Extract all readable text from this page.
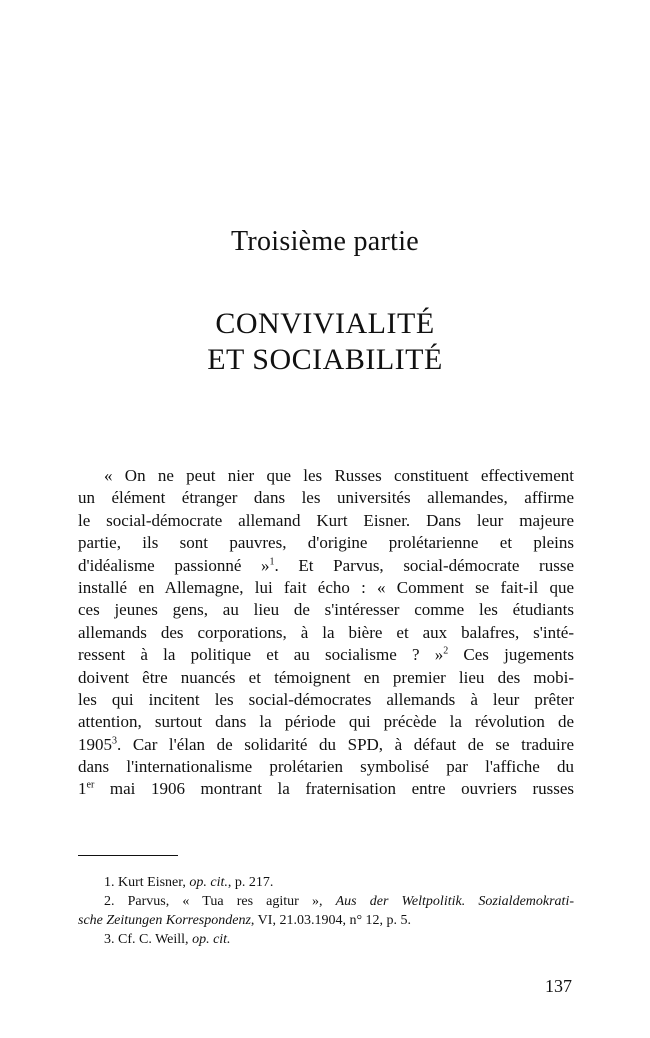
Troisième partie
CONVIVIALITÉ
ET SOCIABILITÉ
« On ne peut nier que les Russes constituent effectivement
un élément étranger dans les universités allemandes, affirme
le social-démocrate allemand Kurt Eisner. Dans leur majeure
partie, ils sont pauvres, d'origine prolétarienne et pleins
d'idéalisme passionné »$^1$. Et Parvus, social-démocrate russe
installé en Allemagne, lui fait écho : « Comment se fait-il que
ces jeunes gens, au lieu de s'intéresser comme les étudiants
allemands des corporations, à la bière et aux balafres, s'inté-
ressent à la politique et au socialisme ? »$^2$ Ces jugements
doivent être nuancés et témoignent en premier lieu des mobi-
les qui incitent les social-démocrates allemands à leur prêter
attention, surtout dans la période qui précède la révolution de
1905$^3$. Car l'élan de solidarité du SPD, à défaut de se traduire
dans l'internationalisme prolétarien symbolisé par l'affiche du
1er mai 1906 montrant la fraternisation entre ouvriers russes
1. Kurt Eisner, op. cit., p. 217.
2. Parvus, « Tua res agitur », Aus der Weltpolitik. Sozialdemokrati-
sche Zeitungen Korrespondenz, VI, 21.03.1904, n° 12, p. 5.
3. Cf. C. Weill, op. cit.
137
